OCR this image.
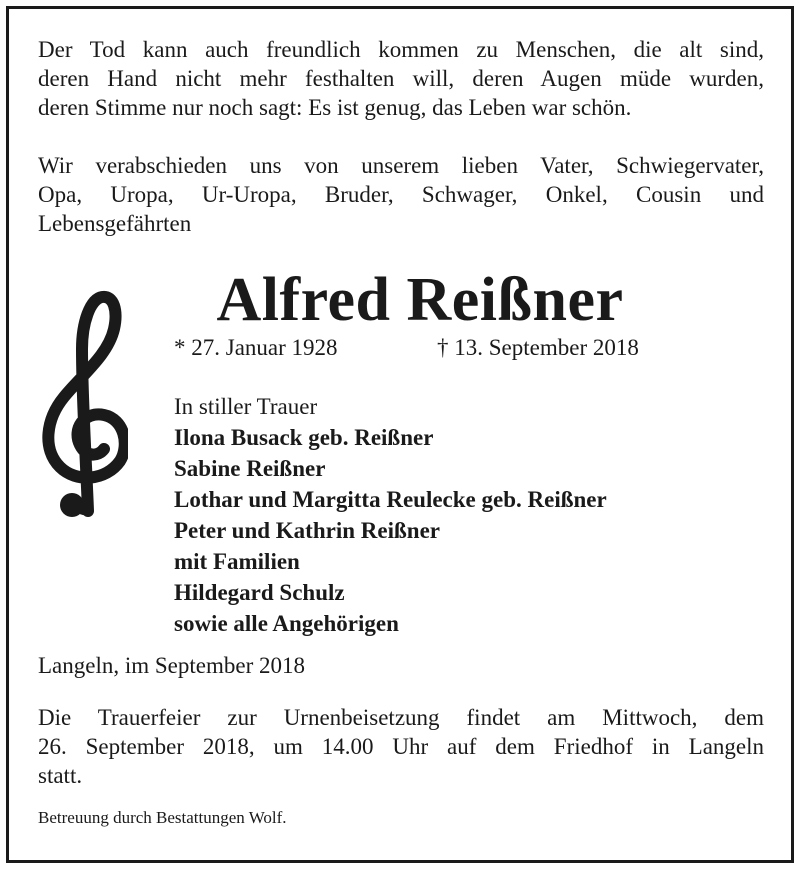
Der Tod kann auch freundlich kommen zu Menschen, die alt sind,
deren Hand nicht mehr festhalten will, deren Augen müde wurden,
deren Stimme nur noch sagt: Es ist genug, das Leben war schön.
Wir verabschieden uns von unserem lieben Vater, Schwiegervater,
Opa, Uropa, Ur-Uropa, Bruder, Schwager, Onkel, Cousin und
Lebensgefährten
Alfred Reißner
* 27. Januar 1928	† 13. September 2018
In stiller Trauer
Ilona Busack geb. Reißner
Sabine Reißner
Lothar und Margitta Reulecke geb. Reißner
Peter und Kathrin Reißner
mit Familien
Hildegard Schulz
sowie alle Angehörigen
Langeln, im September 2018
Die Trauerfeier zur Urnenbeisetzung findet am Mittwoch, dem
26. September 2018, um 14.00 Uhr auf dem Friedhof in Langeln
statt.
Betreuung durch Bestattungen Wolf.
